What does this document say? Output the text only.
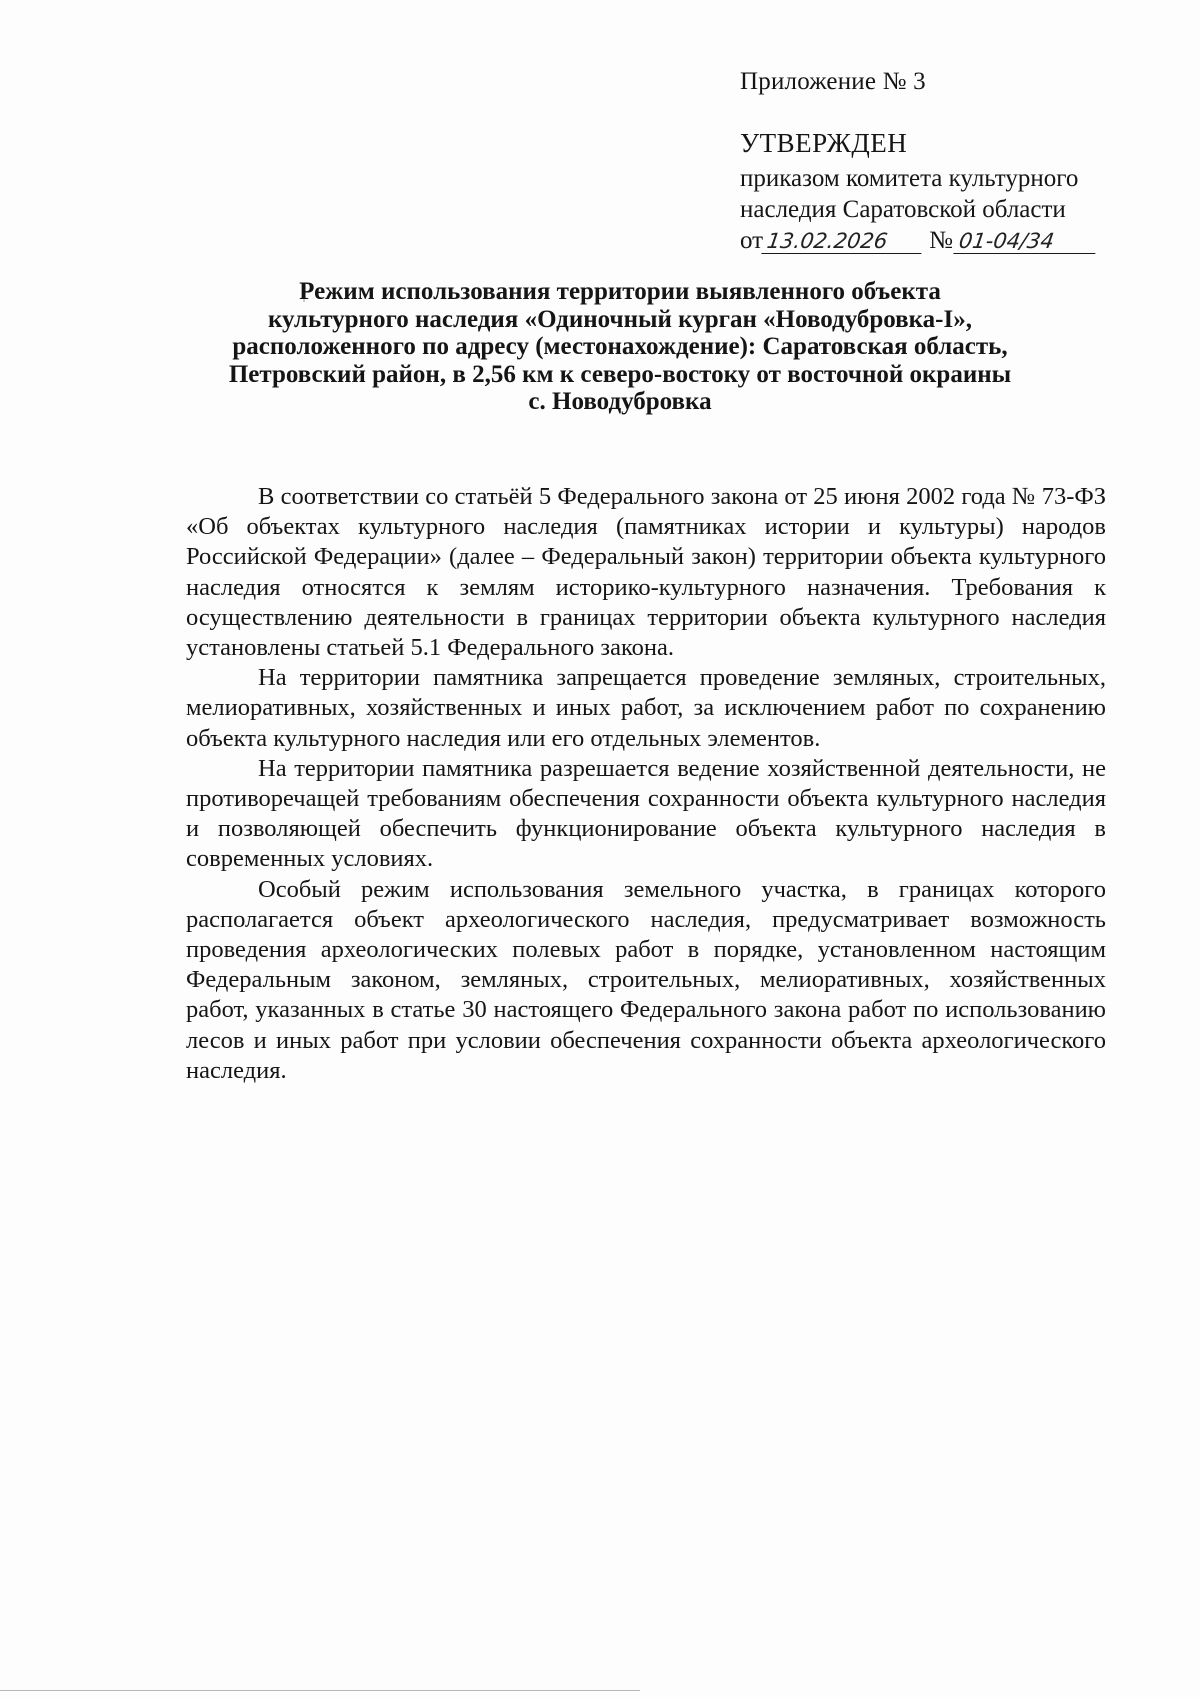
Приложение № 3
УТВЕРЖДЕН
приказом комитета культурного
наследия Саратовской области
от 13.02.2026	№ 01-04/34
Режим использования территории выявленного объекта
культурного наследия «Одиночный курган «Новодубровка-I»,
расположенного по адресу (местонахождение): Саратовская область,
Петровский район, в 2,56 км к северо-востоку от восточной окраины
с. Новодубровка

В соответствии со статьёй 5 Федерального закона от 25 июня 2002 года № 73-ФЗ «Об объектах культурного наследия (памятниках истории и культуры) народов Российской Федерации» (далее – Федеральный закон) территории объекта культурного наследия относятся к землям историко-культурного назначения. Требования к осуществлению деятельности в границах территории объекта культурного наследия установлены статьей 5.1 Федерального закона.

На территории памятника запрещается проведение земляных, строительных, мелиоративных, хозяйственных и иных работ, за исключением работ по сохранению объекта культурного наследия или его отдельных элементов.

На территории памятника разрешается ведение хозяйственной деятельности, не противоречащей требованиям обеспечения сохранности объекта культурного наследия и позволяющей обеспечить функционирование объекта культурного наследия в современных условиях.

Особый режим использования земельного участка, в границах которого располагается объект археологического наследия, предусматривает возможность проведения археологических полевых работ в порядке, установленном настоящим Федеральным законом, земляных, строительных, мелиоративных, хозяйственных работ, указанных в статье 30 настоящего Федерального закона работ по использованию лесов и иных работ при условии обеспечения сохранности объекта археологического наследия.
